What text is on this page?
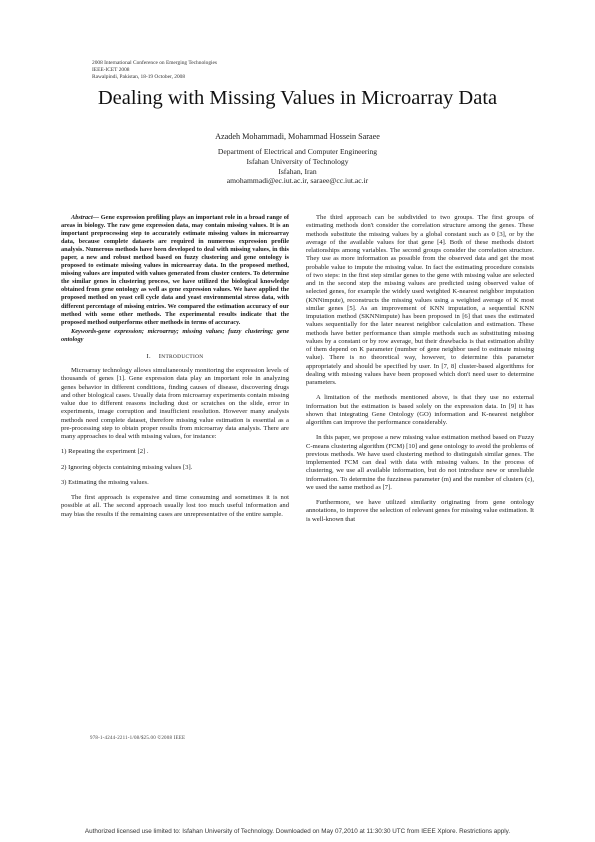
2008 International Conference on Emerging Technologies
IEEE-ICET 2008
Rawalpindi, Pakistan, 18-19 October, 2008
Dealing with Missing Values in Microarray Data
Azadeh Mohammadi, Mohammad Hossein Saraee
Department of Electrical and Computer Engineering
Isfahan University of Technology
Isfahan, Iran
amohammadi@ec.iut.ac.ir, saraee@cc.iut.ac.ir

Abstract— Gene expression profiling plays an important role in a broad range of areas in biology. The raw gene expression data, may contain missing values. It is an important preprocessing step to accurately estimate missing values in microarray data, because complete datasets are required in numerous expression profile analysis. Numerous methods have been developed to deal with missing values, in this paper, a new and robust method based on fuzzy clustering and gene ontology is proposed to estimate missing values in microarray data. In the proposed method, missing values are imputed with values generated from cluster centers. To determine the similar genes in clustering process, we have utilized the biological knowledge obtained from gene ontology as well as gene expression values. We have applied the proposed method on yeast cell cycle data and yeast environmental stress data, with different percentage of missing entries. We compared the estimation accuracy of our method with some other methods. The experimental results indicate that the proposed method outperforms other methods in terms of accuracy.

Keywords-gene expression; microarray; missing values; fuzzy clustering; gene ontology

I. INTRODUCTION

Microarray technology allows simultaneously monitoring the expression levels of thousands of genes [1]. Gene expression data play an important role in analyzing genes behavior in different conditions, finding causes of disease, discovering drugs and other biological cases. Usually data from microarray experiments contain missing value due to different reasons including dust or scratches on the slide, error in experiments, image corruption and insufficient resolution. However many analysis methods need complete dataset, therefore missing value estimation is essential as a pre-processing step to obtain proper results from microarray data analysis. There are many approaches to deal with missing values, for instance:

1) Repeating the experiment [2] .

2) Ignoring objects containing missing values [3].

3) Estimating the missing values.

The first approach is expensive and time consuming and sometimes it is not possible at all. The second approach usually lost too much useful information and may bias the results if the remaining cases are unrepresentative of the entire sample.

The third approach can be subdivided to two groups. The first groups of estimating methods don't consider the correlation structure among the genes. These methods substitute the missing values by a global constant such as 0 [3], or by the average of the available values for that gene [4]. Both of these methods distort relationships among variables. The second groups consider the correlation structure. They use as more information as possible from the observed data and get the most probable value to impute the missing value. In fact the estimating procedure consists of two steps: in the first step similar genes to the gene with missing value are selected and in the second step the missing values are predicted using observed value of selected genes, for example the widely used weighted K-nearest neighbor imputation (KNNimpute), reconstructs the missing values using a weighted average of K most similar genes [5]. As an improvement of KNN imputation, a sequential KNN imputation method (SKNNimpute) has been proposed in [6] that uses the estimated values sequentially for the later nearest neighbor calculation and estimation. These methods have better performance than simple methods such as substituting missing values by a constant or by row average, but their drawbacks is that estimation ability of them depend on K parameter (number of gene neighbor used to estimate missing value). There is no theoretical way, however, to determine this parameter appropriately and should be specified by user. In [7, 8] cluster-based algorithms for dealing with missing values have been proposed which don't need user to determine parameters.

A limitation of the methods mentioned above, is that they use no external information but the estimation is based solely on the expression data. In [9] it has shown that integrating Gene Ontology (GO) information and K-nearest neighbor algorithm can improve the performance considerably.

In this paper, we propose a new missing value estimation method based on Fuzzy C-means clustering algorithm (FCM) [10] and gene ontology to avoid the problems of previous methods. We have used clustering method to distinguish similar genes. The implemented FCM can deal with data with missing values. In the process of clustering, we use all available information, but do not introduce new or unreliable information. To determine the fuzziness parameter (m) and the number of clusters (c), we used the same method as [7].

Furthermore, we have utilized similarity originating from gene ontology annotations, to improve the selection of relevant genes for missing value estimation. It is well-known that

978-1-4244-2211-1/08/$25.00 ©2008 IEEE
Authorized licensed use limited to: Isfahan University of Technology. Downloaded on May 07,2010 at 11:30:30 UTC from IEEE Xplore. Restrictions apply.
